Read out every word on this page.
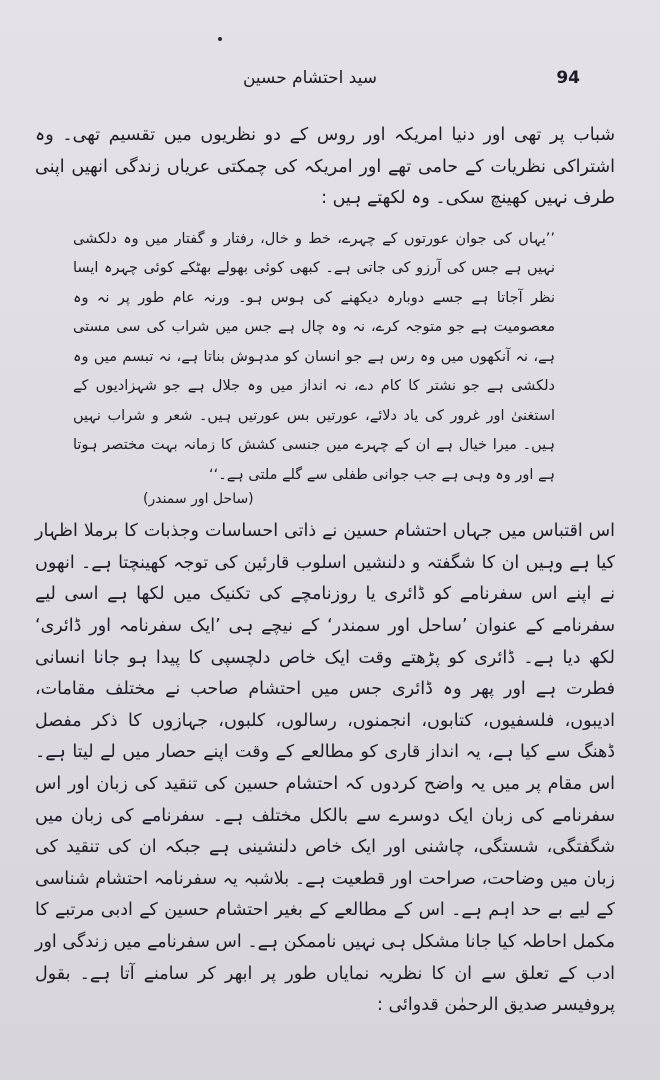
94
سید احتشام حسین

شباب پر تھی اور دنیا امریکہ اور روس کے دو نظریوں میں تقسیم تھی۔ وہ اشتراکی نظریات کے حامی تھے اور امریکہ کی چمکتی عریاں زندگی انھیں اپنی طرف نہیں کھینچ سکی۔ وہ لکھتے ہیں :

’’یہاں کی جوان عورتوں کے چہرے، خط و خال، رفتار و گفتار میں وہ دلکشی نہیں ہے جس کی آرزو کی جاتی ہے۔ کبھی کوئی بھولے بھٹکے کوئی چہرہ ایسا نظر آجاتا ہے جسے دوبارہ دیکھنے کی ہوس ہو۔ ورنہ عام طور پر نہ وہ معصومیت ہے جو متوجہ کرے، نہ وہ چال ہے جس میں شراب کی سی مستی ہے، نہ آنکھوں میں وہ رس ہے جو انسان کو مدہوش بناتا ہے، نہ تبسم میں وہ دلکشی ہے جو نشتر کا کام دے، نہ انداز میں وہ جلال ہے جو شہزادیوں کے استغنیٰ اور غرور کی یاد دلائے، عورتیں بس عورتیں ہیں۔ شعر و شراب نہیں ہیں۔ میرا خیال ہے ان کے چہرے میں جنسی کشش کا زمانہ بہت مختصر ہوتا ہے اور وہ وہی ہے جب جوانی طفلی سے گلے ملتی ہے۔‘‘

(ساحل اور سمندر)

اس اقتباس میں جہاں احتشام حسین نے ذاتی احساسات وجذبات کا برملا اظہار کیا ہے وہیں ان کا شگفتہ و دلنشیں اسلوب قارئین کی توجہ کھینچتا ہے۔ انھوں نے اپنے اس سفرنامے کو ڈائری یا روزنامچے کی تکنیک میں لکھا ہے اسی لیے سفرنامے کے عنوان ’ساحل اور سمندر‘ کے نیچے ہی ’ایک سفرنامہ اور ڈائری‘ لکھ دیا ہے۔ ڈائری کو پڑھتے وقت ایک خاص دلچسپی کا پیدا ہو جانا انسانی فطرت ہے اور پھر وہ ڈائری جس میں احتشام صاحب نے مختلف مقامات، ادیبوں، فلسفیوں، کتابوں، انجمنوں، رسالوں، کلبوں، جہازوں کا ذکر مفصل ڈھنگ سے کیا ہے، یہ انداز قاری کو مطالعے کے وقت اپنے حصار میں لے لیتا ہے۔ اس مقام پر میں یہ واضح کردوں کہ احتشام حسین کی تنقید کی زبان اور اس سفرنامے کی زبان ایک دوسرے سے بالکل مختلف ہے۔ سفرنامے کی زبان میں شگفتگی، شستگی، چاشنی اور ایک خاص دلنشینی ہے جبکہ ان کی تنقید کی زبان میں وضاحت، صراحت اور قطعیت ہے۔ بلاشبہ یہ سفرنامہ احتشام شناسی کے لیے بے حد اہم ہے۔ اس کے مطالعے کے بغیر احتشام حسین کے ادبی مرتبے کا مکمل احاطہ کیا جانا مشکل ہی نہیں ناممکن ہے۔ اس سفرنامے میں زندگی اور ادب کے تعلق سے ان کا نظریہ نمایاں طور پر ابھر کر سامنے آتا ہے۔ بقول پروفیسر صدیق الرحمٰن قدوائی :
